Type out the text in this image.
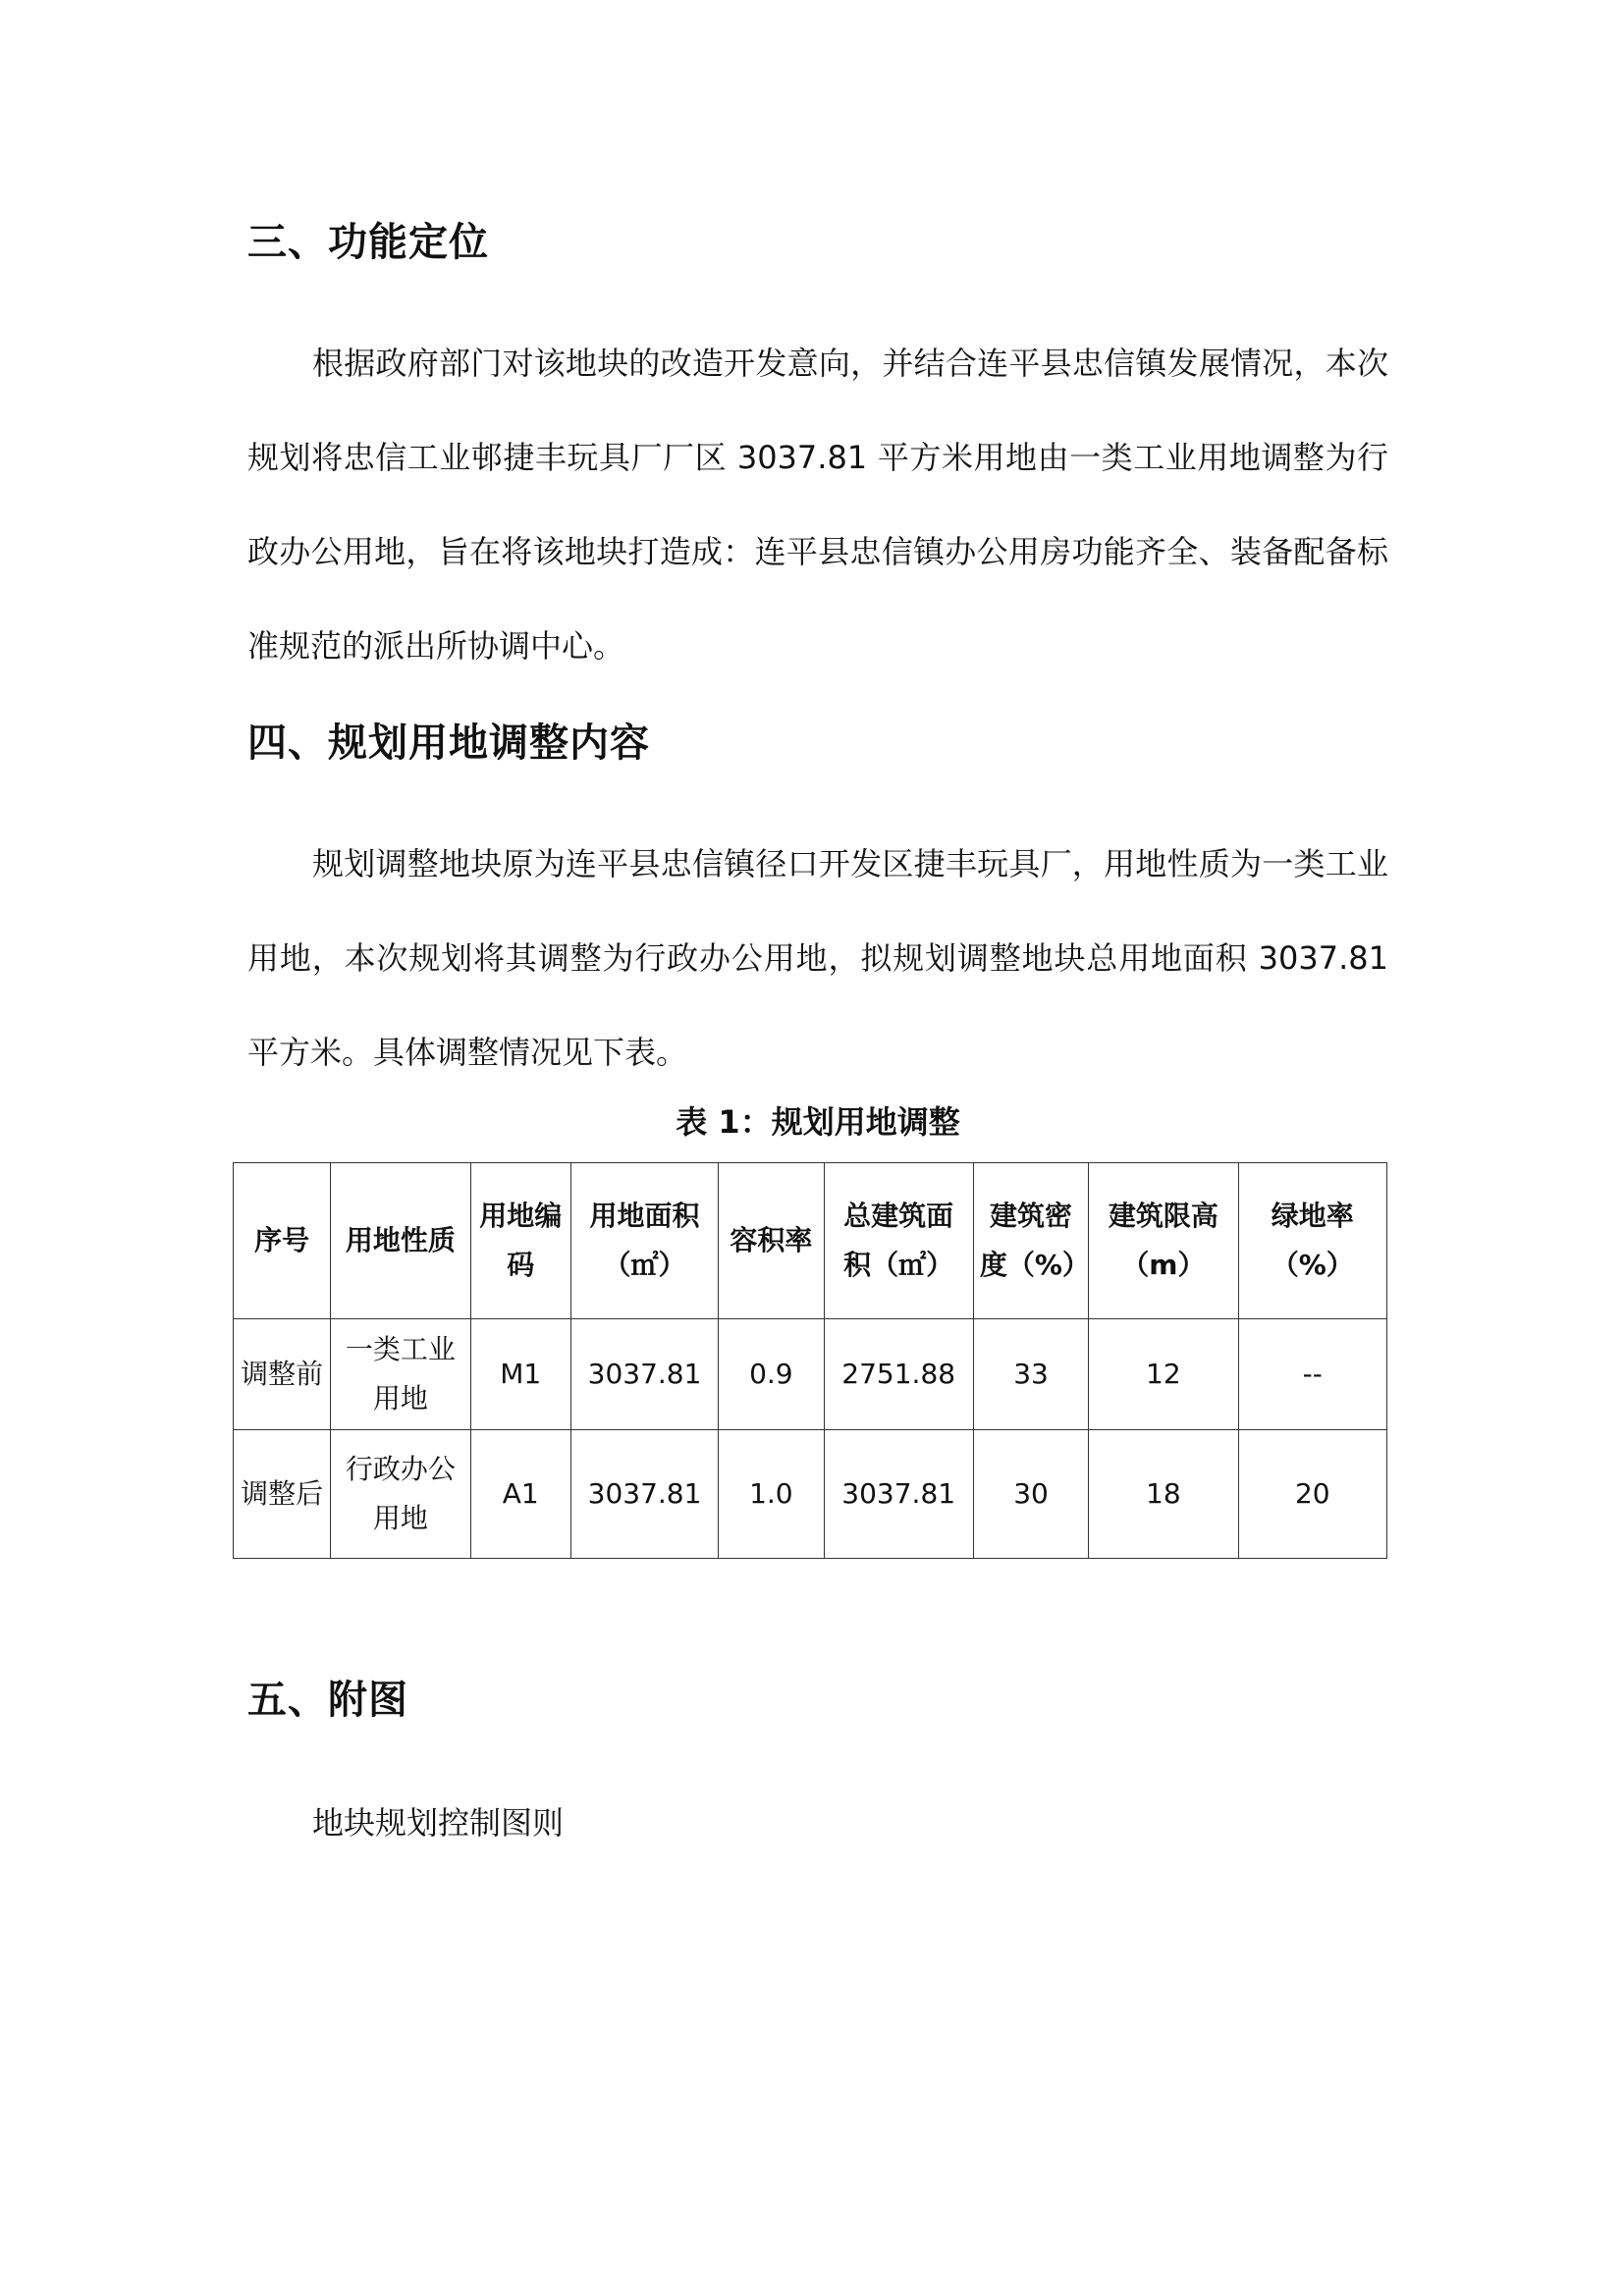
三、功能定位

根据政府部门对该地块的改造开发意向，并结合连平县忠信镇发展情况，本次规划将忠信工业邨捷丰玩具厂厂区 3037.81 平方米用地由一类工业用地调整为行政办公用地，旨在将该地块打造成：连平县忠信镇办公用房功能齐全、装备配备标准规范的派出所协调中心。

四、规划用地调整内容

规划调整地块原为连平县忠信镇径口开发区捷丰玩具厂，用地性质为一类工业用地，本次规划将其调整为行政办公用地，拟规划调整地块总用地面积 3037.81 平方米。具体调整情况见下表。

表 1：规划用地调整
序号	用地性质	用地编码	用地面积（㎡）	容积率	总建筑面积（㎡）	建筑密度（%）	建筑限高（m）	绿地率（%）
调整前	一类工业用地	M1	3037.81	0.9	2751.88	33	12	--
调整后	行政办公用地	A1	3037.81	1.0	3037.81	30	18	20
五、附图

地块规划控制图则
